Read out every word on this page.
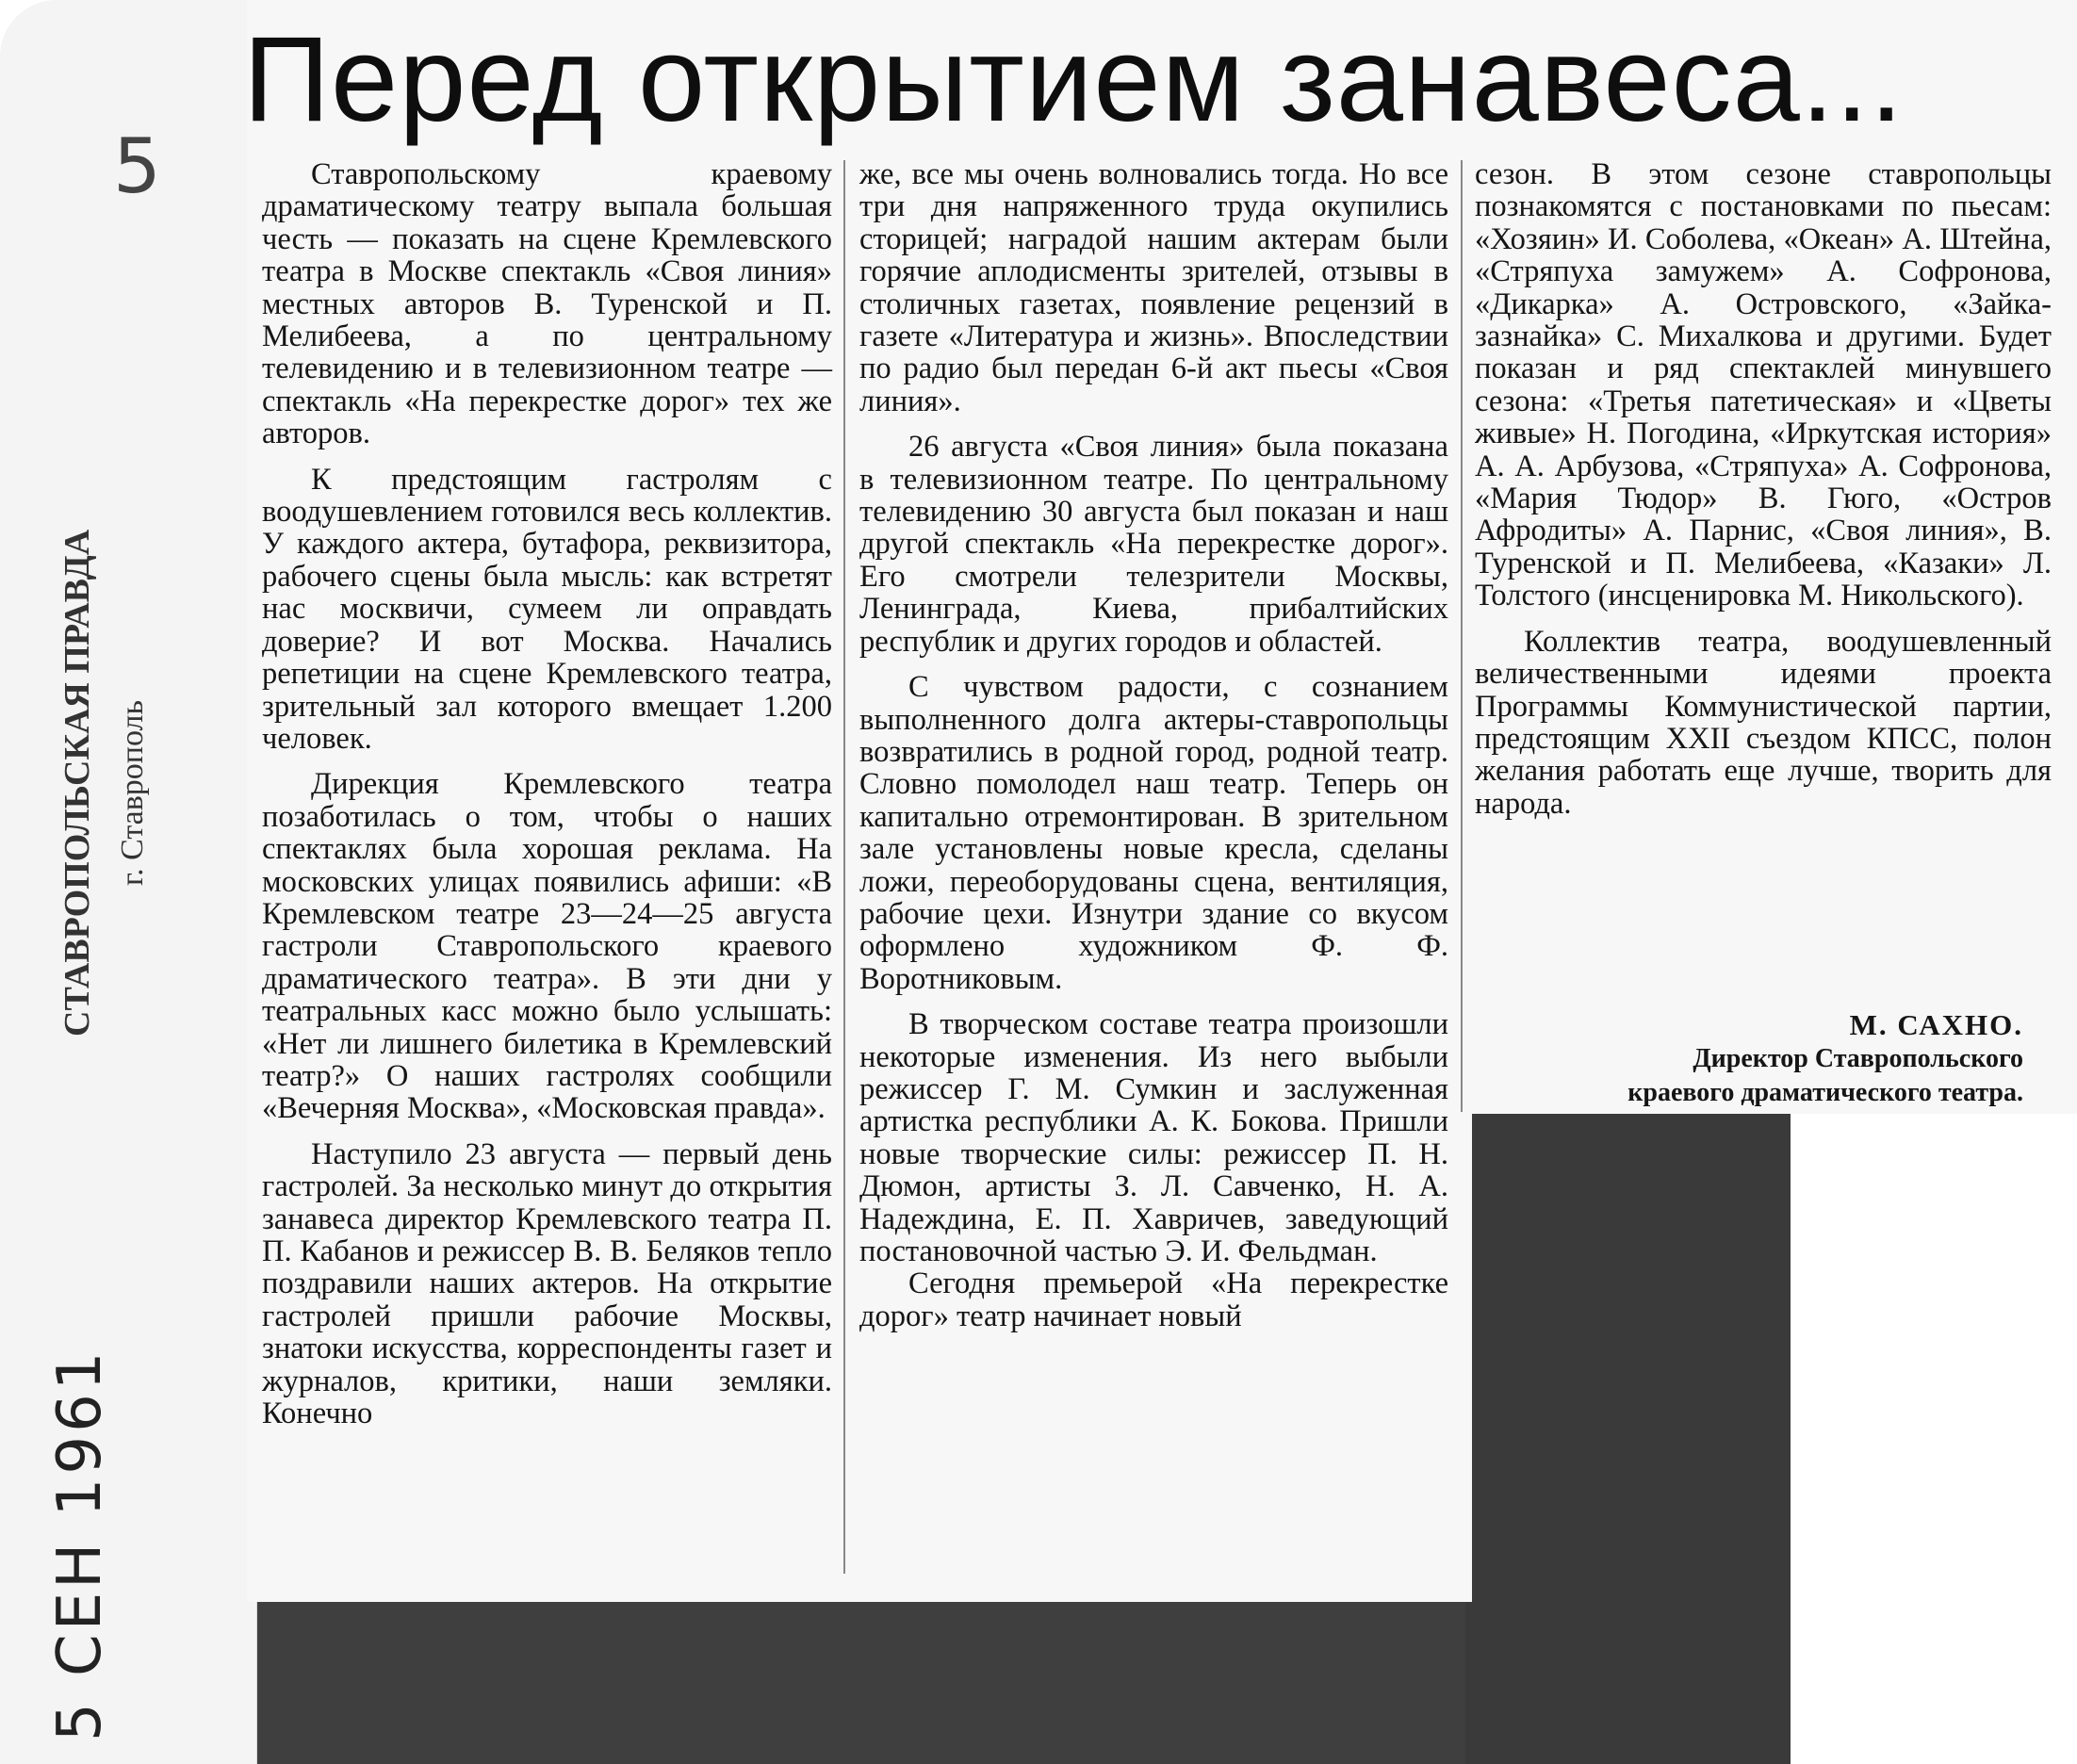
5
СТАВРОПОЛЬСКАЯ ПРАВДА г. Ставрополь
5 СЕН 1961
Перед открытием занавеса...

Ставропольскому краевому драматическому театру выпала большая честь — показать на сцене Кремлевского театра в Москве спектакль «Своя линия» местных авторов В. Туренской и П. Мелибеева, а по центральному телевидению и в телевизионном театре — спектакль «На перекрестке дорог» тех же авторов.

К предстоящим гастролям с воодушевлением готовился весь коллектив. У каждого актера, бутафора, реквизитора, рабочего сцены была мысль: как встретят нас москвичи, сумеем ли оправдать доверие? И вот Москва. Начались репетиции на сцене Кремлевского театра, зрительный зал которого вмещает 1.200 человек.

Дирекция Кремлевского театра позаботилась о том, чтобы о наших спектаклях была хорошая реклама. На московских улицах появились афиши: «В Кремлевском театре 23—24—25 августа гастроли Ставропольского краевого драматического театра». В эти дни у театральных касс можно было услышать: «Нет ли лишнего билетика в Кремлевский театр?» О наших гастролях сообщили «Вечерняя Москва», «Московская правда».

Наступило 23 августа — первый день гастролей. За несколько минут до открытия занавеса директор Кремлевского театра П. П. Кабанов и режиссер В. В. Беляков тепло поздравили наших актеров. На открытие гастролей пришли рабочие Москвы, знатоки искусства, корреспонденты газет и журналов, критики, наши земляки. Конечно

же, все мы очень волновались тогда. Но все три дня напряженного труда окупились сторицей; наградой нашим актерам были горячие аплодисменты зрителей, отзывы в столичных газетах, появление рецензий в газете «Литература и жизнь». Впоследствии по радио был передан 6-й акт пьесы «Своя линия».

26 августа «Своя линия» была показана в телевизионном театре. По центральному телевидению 30 августа был показан и наш другой спектакль «На перекрестке дорог». Его смотрели телезрители Москвы, Ленинграда, Киева, прибалтийских республик и других городов и областей.

С чувством радости, с сознанием выполненного долга актеры-ставропольцы возвратились в родной город, родной театр. Словно помолодел наш театр. Теперь он капитально отремонтирован. В зрительном зале установлены новые кресла, сделаны ложи, переоборудованы сцена, вентиляция, рабочие цехи. Изнутри здание со вкусом оформлено художником Ф. Ф. Воротниковым.

В творческом составе театра произошли некоторые изменения. Из него выбыли режиссер Г. М. Сумкин и заслуженная артистка республики А. К. Бокова. Пришли новые творческие силы: режиссер П. Н. Дюмон, артисты З. Л. Савченко, Н. А. Надеждина, Е. П. Хавричев, заведующий постановочной частью Э. И. Фельдман.

Сегодня премьерой «На перекрестке дорог» театр начинает новый

сезон. В этом сезоне ставропольцы познакомятся с постановками по пьесам: «Хозяин» И. Соболева, «Океан» А. Штейна, «Стряпуха замужем» А. Софронова, «Дикарка» А. Островского, «Зайка-зазнайка» С. Михалкова и другими. Будет показан и ряд спектаклей минувшего сезона: «Третья патетическая» и «Цветы живые» Н. Погодина, «Иркутская история» А. А. Арбузова, «Стряпуха» А. Софронова, «Мария Тюдор» В. Гюго, «Остров Афродиты» А. Парнис, «Своя линия», В. Туренской и П. Мелибеева, «Казаки» Л. Толстого (инсценировка М. Никольского).

Коллектив театра, воодушевленный величественными идеями проекта Программы Коммунистической партии, предстоящим XXII съездом КПСС, полон желания работать еще лучше, творить для народа.

М. САХНО.
Директор Ставропольского
краевого драматического театра.
